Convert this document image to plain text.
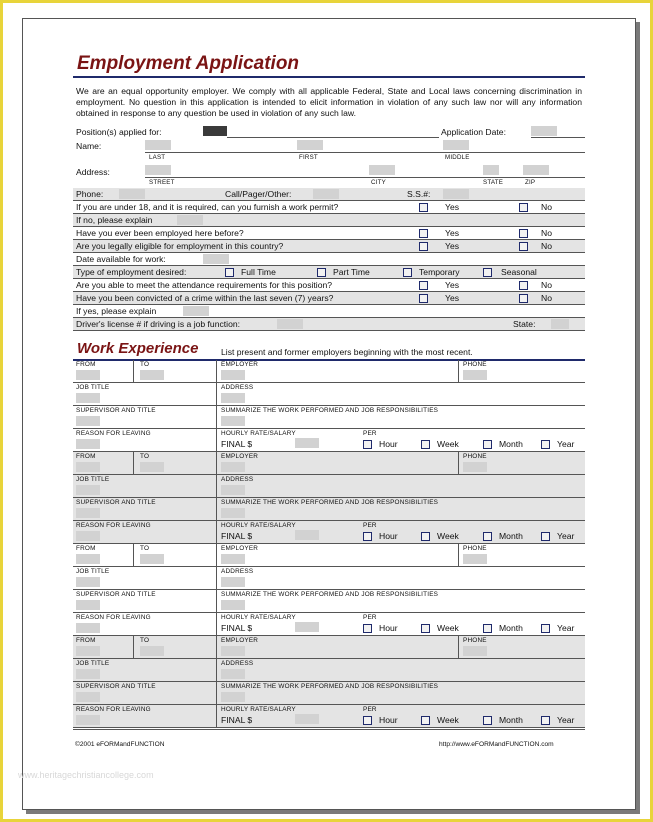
Employment Application
We are an equal opportunity employer. We comply with all applicable Federal, State and Local laws concerning discrimination in employment. No question in this application is intended to elicit information in violation of any such law nor will any information obtained in response to any question be used in violation of any such law.
Position(s) applied for:	Application Date:
Name:
LAST	FIRST	MIDDLE
Address:
STREET	CITY	STATE	ZIP
Phone:	Call/Pager/Other:	S.S.#:
If you are under 18, and it is required, can you furnish a work permit?	Yes	No
If no, please explain
Have you ever been employed here before?	Yes	No
Are you legally eligible for employment in this country?	Yes	No
Date available for work:
Type of employment desired:	Full Time	Part Time	Temporary	Seasonal
Are you able to meet the attendance requirements for this position?	Yes	No
Have you been convicted of a crime within the last seven (7) years?	Yes	No
If yes, please explain
Driver's license # if driving is a job function:	State:
Work Experience	List present and former employers beginning with the most recent.
FROM	TO	EMPLOYER	PHONE
JOB TITLE	ADDRESS
SUPERVISOR AND TITLE	SUMMARIZE THE WORK PERFORMED AND JOB RESPONSIBILITIES
REASON FOR LEAVING	HOURLY RATE/SALARY	PER
FINAL $	Hour	Week	Month	Year
FROM	TO	EMPLOYER	PHONE
JOB TITLE	ADDRESS
SUPERVISOR AND TITLE	SUMMARIZE THE WORK PERFORMED AND JOB RESPONSIBILITIES
REASON FOR LEAVING	HOURLY RATE/SALARY	PER
FINAL $	Hour	Week	Month	Year
FROM	TO	EMPLOYER	PHONE
JOB TITLE	ADDRESS
SUPERVISOR AND TITLE	SUMMARIZE THE WORK PERFORMED AND JOB RESPONSIBILITIES
REASON FOR LEAVING	HOURLY RATE/SALARY	PER
FINAL $	Hour	Week	Month	Year
FROM	TO	EMPLOYER	PHONE
JOB TITLE	ADDRESS
SUPERVISOR AND TITLE	SUMMARIZE THE WORK PERFORMED AND JOB RESPONSIBILITIES
REASON FOR LEAVING	HOURLY RATE/SALARY	PER
FINAL $	Hour	Week	Month	Year
©2001 eFORMandFUNCTION	http://www.eFORMandFUNCTION.com
www.heritagechristiancollege.com
